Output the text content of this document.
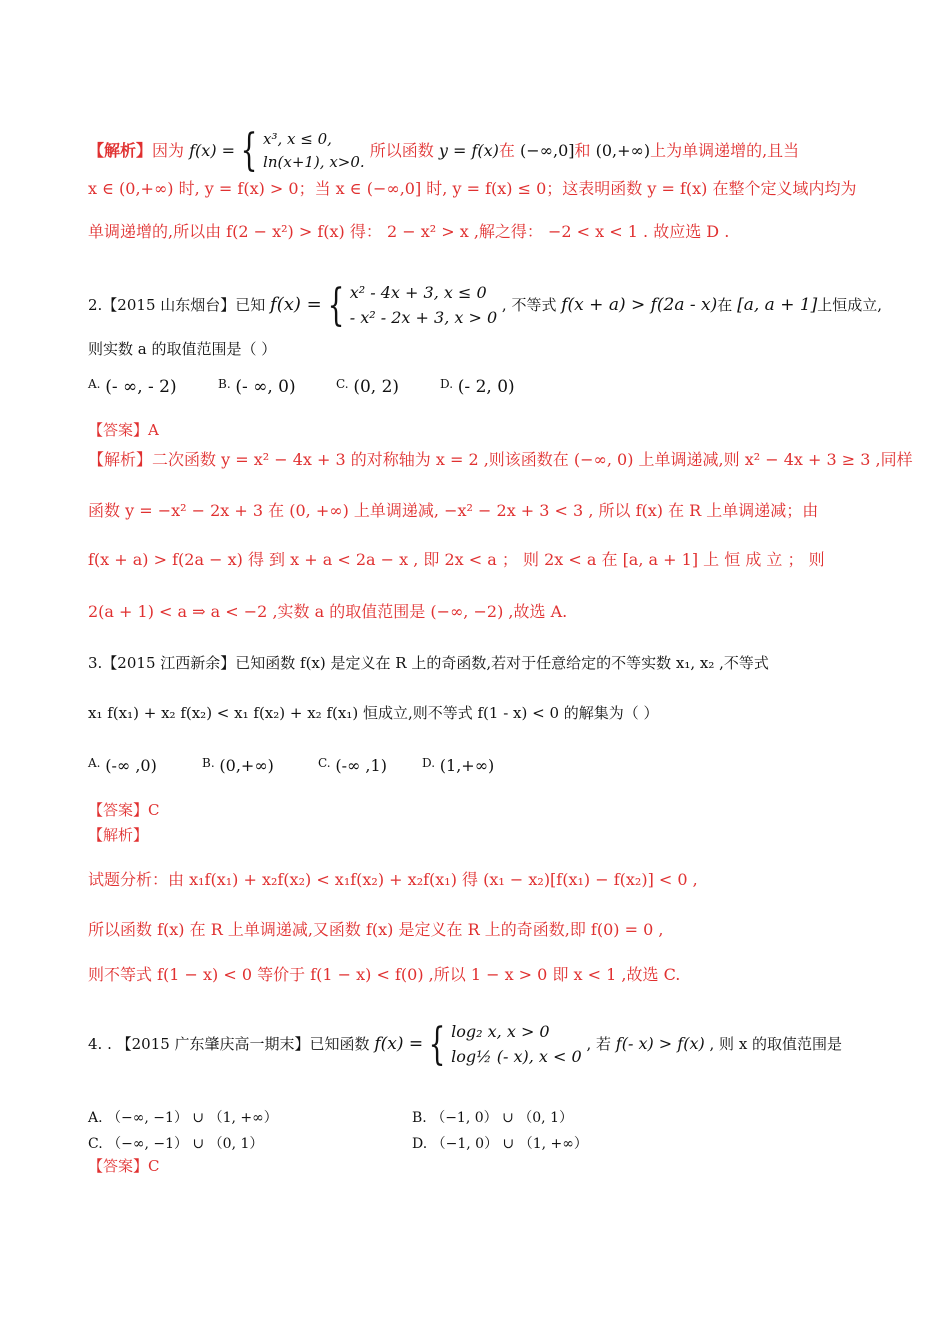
【解析】因为 f(x) = { x³, x ≤ 0,
ln(x+1), x>0.
所以函数 y = f(x)在 (−∞,0]和 (0,+∞)上为单调递增的,且当
x ∈ (0,+∞) 时, y = f(x) > 0；当 x ∈ (−∞,0] 时, y = f(x) ≤ 0；这表明函数 y = f(x) 在整个定义域内均为
单调递增的,所以由 f(2 − x²) > f(x) 得： 2 − x² > x ,解之得： −2 < x < 1 . 故应选 D .
2.【2015 山东烟台】已知 f(x) = { x² - 4x + 3, x ≤ 0
- x² - 2x + 3, x > 0
, 不等式 f(x + a) > f(2a - x)在 [a, a + 1]上恒成立,
则实数 a 的取值范围是（ ）
$^{A.}$ (- ∞, - 2)	$^{B.}$ (- ∞, 0)	$^{C.}$ (0, 2)	$^{D.}$ (- 2, 0)
【答案】A
【解析】二次函数 y = x² − 4x + 3 的对称轴为 x = 2 ,则该函数在 (−∞, 0) 上单调递减,则 x² − 4x + 3 ≥ 3 ,同样
函数 y = −x² − 2x + 3 在 (0, +∞) 上单调递减, −x² − 2x + 3 < 3 , 所以 f(x) 在 R 上单调递减；由
f(x + a) > f(2a − x) 得 到 x + a < 2a − x , 即 2x < a ； 则 2x < a 在 [a, a + 1] 上 恒 成 立 ； 则
2(a + 1) < a ⇒ a < −2 ,实数 a 的取值范围是 (−∞, −2) ,故选 A.
3.【2015 江西新余】已知函数 f(x) 是定义在 R 上的奇函数,若对于任意给定的不等实数 x₁, x₂ ,不等式
x₁ f(x₁) + x₂ f(x₂) < x₁ f(x₂) + x₂ f(x₁) 恒成立,则不等式 f(1 - x) < 0 的解集为（ ）
$^{A.}$ (-∞ ,0)	$^{B.}$ (0,+∞)	$^{C.}$ (-∞ ,1)	$^{D.}$ (1,+∞)
【答案】C
【解析】
试题分析：由 x₁f(x₁) + x₂f(x₂) < x₁f(x₂) + x₂f(x₁) 得 (x₁ − x₂)[f(x₁) − f(x₂)] < 0 ,
所以函数 f(x) 在 R 上单调递减,又函数 f(x) 是定义在 R 上的奇函数,即 f(0) = 0 ,
则不等式 f(1 − x) < 0 等价于 f(1 − x) < f(0) ,所以 1 − x > 0 即 x < 1 ,故选 C.
4. . 【2015 广东肇庆高一期末】已知函数 f(x) = { log₂ x, x > 0
log½ (- x), x < 0
, 若 f(- x) > f(x) , 则 x 的取值范围是
A. （−∞, −1） ∪ （1, +∞）	B. （−1, 0） ∪ （0, 1）
C. （−∞, −1） ∪ （0, 1）	D. （−1, 0） ∪ （1, +∞）
【答案】C
